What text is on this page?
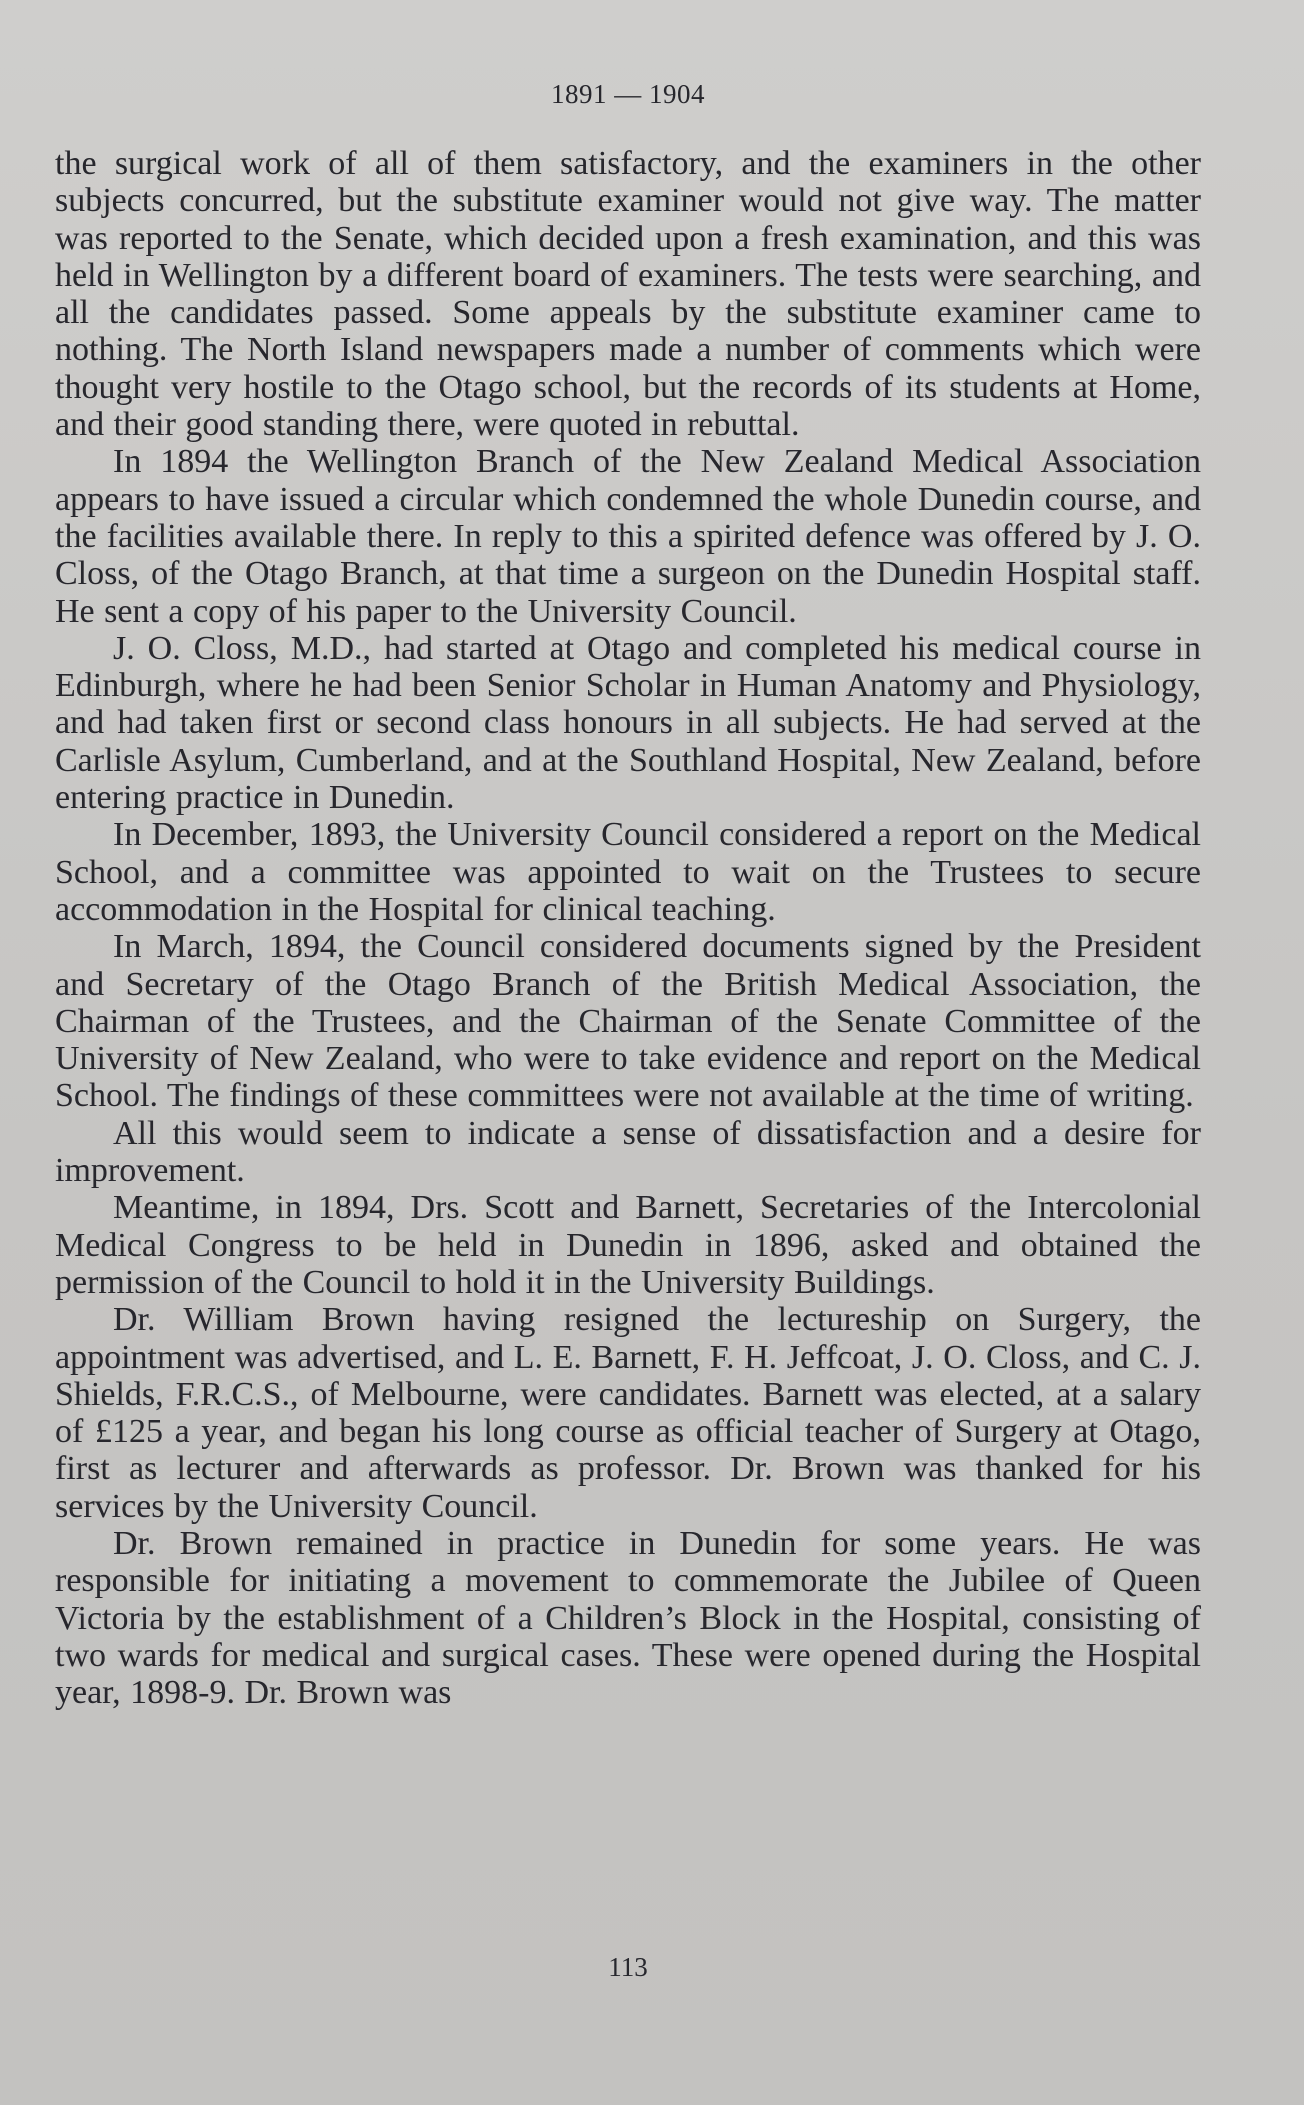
1891 — 1904

the surgical work of all of them satisfactory, and the examiners in the other subjects concurred, but the substitute examiner would not give way. The matter was reported to the Senate, which decided upon a fresh examination, and this was held in Wellington by a different board of examiners. The tests were searching, and all the candidates passed. Some appeals by the substitute examiner came to nothing. The North Island newspapers made a number of comments which were thought very hostile to the Otago school, but the records of its students at Home, and their good standing there, were quoted in rebuttal.

In 1894 the Wellington Branch of the New Zealand Medical Association appears to have issued a circular which condemned the whole Dunedin course, and the facilities available there. In reply to this a spirited defence was offered by J. O. Closs, of the Otago Branch, at that time a surgeon on the Dunedin Hospital staff. He sent a copy of his paper to the University Council.

J. O. Closs, M.D., had started at Otago and completed his medical course in Edinburgh, where he had been Senior Scholar in Human Anatomy and Physiology, and had taken first or second class honours in all subjects. He had served at the Carlisle Asylum, Cumberland, and at the Southland Hospital, New Zealand, before entering practice in Dunedin.

In December, 1893, the University Council considered a report on the Medical School, and a committee was appointed to wait on the Trustees to secure accommodation in the Hospital for clinical teaching.

In March, 1894, the Council considered documents signed by the President and Secretary of the Otago Branch of the British Medical Association, the Chairman of the Trustees, and the Chairman of the Senate Committee of the University of New Zealand, who were to take evidence and report on the Medical School. The findings of these committees were not available at the time of writing.

All this would seem to indicate a sense of dissatisfaction and a desire for improvement.

Meantime, in 1894, Drs. Scott and Barnett, Secretaries of the Intercolonial Medical Congress to be held in Dunedin in 1896, asked and obtained the permission of the Council to hold it in the University Buildings.

Dr. William Brown having resigned the lectureship on Surgery, the appointment was advertised, and L. E. Barnett, F. H. Jeffcoat, J. O. Closs, and C. J. Shields, F.R.C.S., of Melbourne, were candidates. Barnett was elected, at a salary of £125 a year, and began his long course as official teacher of Surgery at Otago, first as lecturer and afterwards as professor. Dr. Brown was thanked for his services by the University Council.

Dr. Brown remained in practice in Dunedin for some years. He was responsible for initiating a movement to commemorate the Jubilee of Queen Victoria by the establishment of a Children’s Block in the Hospital, consisting of two wards for medical and surgical cases. These were opened during the Hospital year, 1898-9. Dr. Brown was

113
